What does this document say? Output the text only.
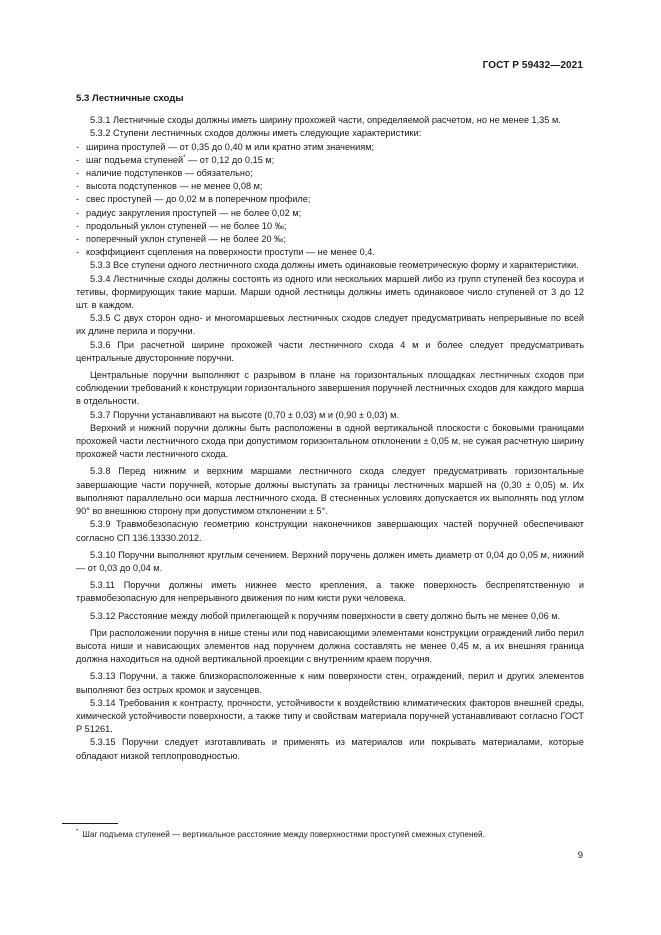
ГОСТ Р 59432—2021

5.3 Лестничные сходы

5.3.1 Лестничные сходы должны иметь ширину прохожей части, определяемой расчетом, но не менее 1,35 м.

5.3.2 Ступени лестничных сходов должны иметь следующие характеристики:

- ширина проступей — от 0,35 до 0,40 м или кратно этим значениям;

- шаг подъема ступеней* — от 0,12 до 0,15 м;

- наличие подступенков — обязательно;

- высота подступенков — не менее 0,08 м;

- свес проступей — до 0,02 м в поперечном профиле;

- радиус закругления проступей — не более 0,02 м;

- продольный уклон ступеней — не более 10 ‰;

- поперечный уклон ступеней — не более 20 ‰;

- коэффициент сцепления на поверхности проступи — не менее 0,4.

5.3.3 Все ступени одного лестничного схода должны иметь одинаковые геометрическую форму и характеристики.

5.3.4 Лестничные сходы должны состоять из одного или нескольких маршей либо из групп ступеней без косоура и тетивы, формирующих такие марши. Марши одной лестницы должны иметь одинаковое число ступеней от 3 до 12 шт. в каждом.

5.3.5 С двух сторон одно- и многомаршевых лестничных сходов следует предусматривать непрерывные по всей их длине перила и поручни.

5.3.6 При расчетной ширине прохожей части лестничного схода 4 м и более следует предусматривать центральные двусторонние поручни.

Центральные поручни выполняют с разрывом в плане на горизонтальных площадках лестничных сходов при соблюдении требований к конструкции горизонтального завершения поручней лестничных сходов для каждого марша в отдельности.

5.3.7 Поручни устанавливают на высоте (0,70 ± 0,03) м и (0,90 ± 0,03) м.

Верхний и нижний поручни должны быть расположены в одной вертикальной плоскости с боковыми границами прохожей части лестничного схода при допустимом горизонтальном отклонении ± 0,05 м, не сужая расчетную ширину прохожей части лестничного схода.

5.3.8 Перед нижним и верхним маршами лестничного схода следует предусматривать горизонтальные завершающие части поручней, которые должны выступать за границы лестничных маршей на (0,30 ± 0,05) м. Их выполняют параллельно оси марша лестничного схода. В стесненных условиях допускается их выполнять под углом 90° во внешнюю сторону при допустимом отклонении ± 5°.

5.3.9 Травмобезопасную геометрию конструкции наконечников завершающих частей поручней обеспечивают согласно СП 136.13330.2012.

5.3.10 Поручни выполняют круглым сечением. Верхний поручень должен иметь диаметр от 0,04 до 0,05 м, нижний — от 0,03 до 0,04 м.

5.3.11 Поручни должны иметь нижнее место крепления, а также поверхность беспрепятственную и травмобезопасную для непрерывного движения по ним кисти руки человека.

5.3.12 Расстояние между любой прилегающей к поручням поверхности в свету должно быть не менее 0,06 м.

При расположении поручня в нише стены или под нависающими элементами конструкции ограждений либо перил высота ниши и нависающих элементов над поручнем должна составлять не менее 0,45 м, а их внешняя граница должна находиться на одной вертикальной проекции с внутренним краем поручня.

5.3.13 Поручни, а также близкорасположенные к ним поверхности стен, ограждений, перил и других элементов выполняют без острых кромок и заусенцев.

5.3.14 Требования к контрасту, прочности, устойчивости к воздействию климатических факторов внешней среды, химической устойчивости поверхности, а также типу и свойствам материала поручней устанавливают согласно ГОСТ Р 51261.

5.3.15 Поручни следует изготавливать и применять из материалов или покрывать материалами, которые обладают низкой теплопроводностью.

* Шаг подъема ступеней — вертикальное расстояние между поверхностями проступей смежных ступеней.
9
